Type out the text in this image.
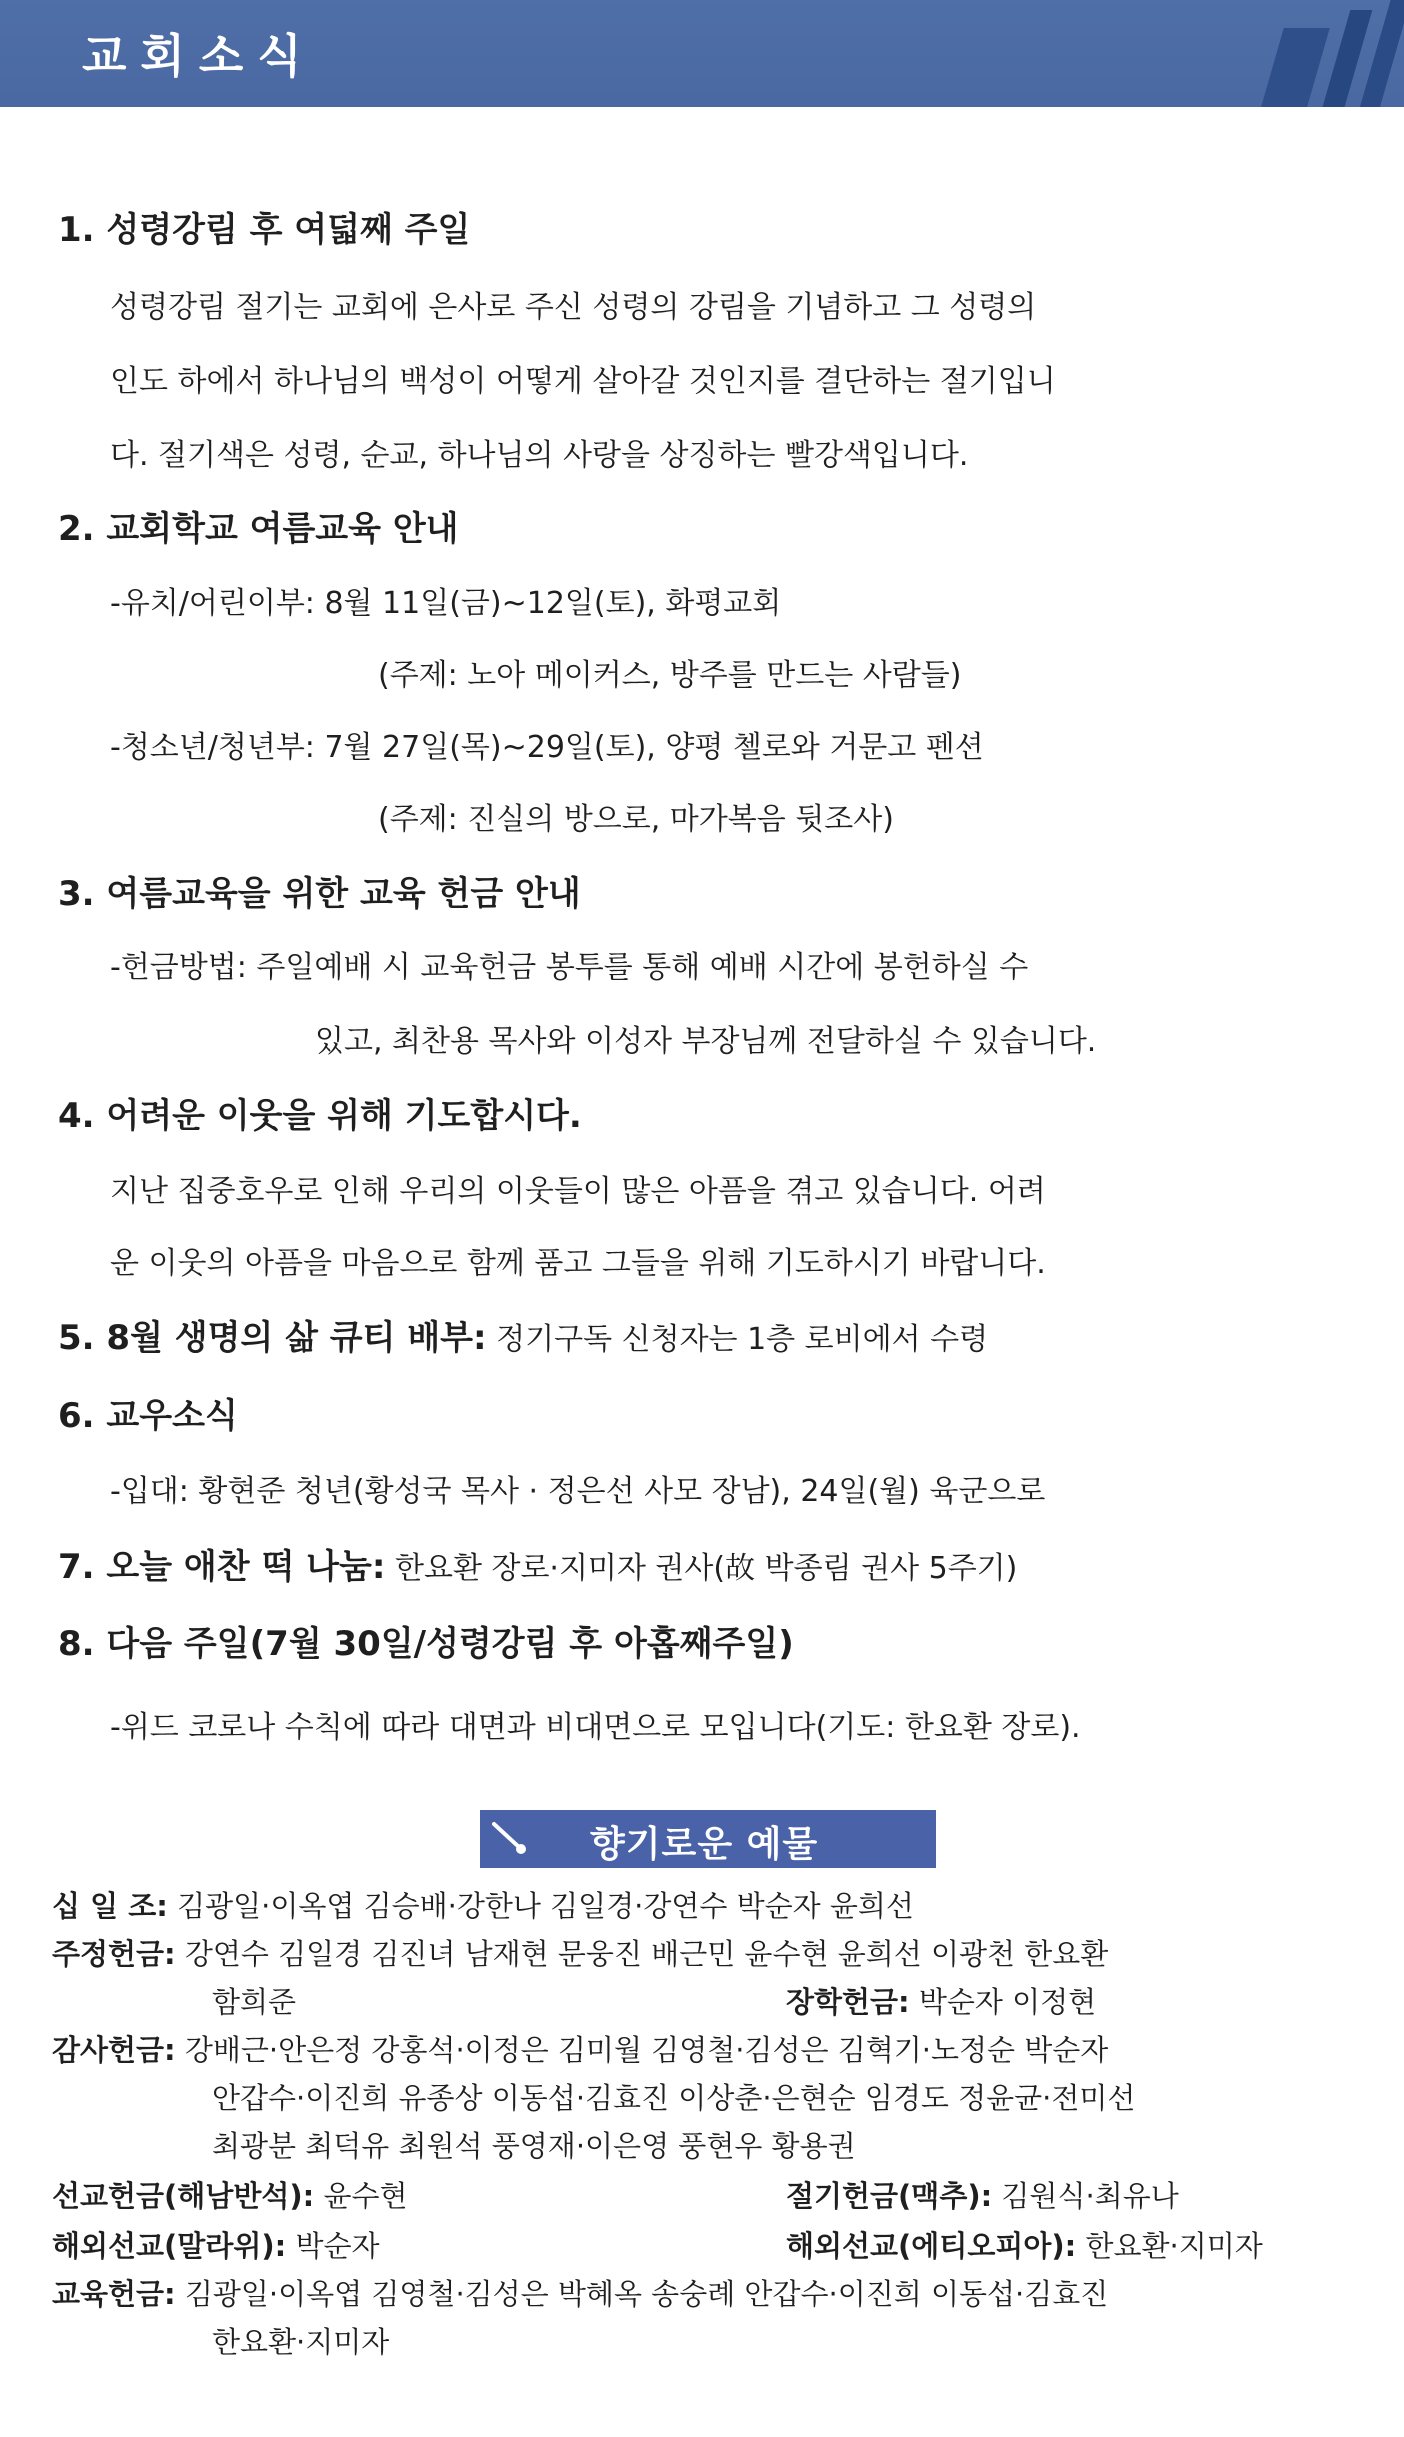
교회소식
1. 성령강림 후 여덟째 주일
성령강림 절기는 교회에 은사로 주신 성령의 강림을 기념하고 그 성령의
인도 하에서 하나님의 백성이 어떻게 살아갈 것인지를 결단하는 절기입니
다. 절기색은 성령, 순교, 하나님의 사랑을 상징하는 빨강색입니다.
2. 교회학교 여름교육 안내
-유치/어린이부: 8월 11일(금)~12일(토), 화평교회
(주제: 노아 메이커스, 방주를 만드는 사람들)
-청소년/청년부: 7월 27일(목)~29일(토), 양평 첼로와 거문고 펜션
(주제: 진실의 방으로, 마가복음 뒷조사)
3. 여름교육을 위한 교육 헌금 안내
-헌금방법: 주일예배 시 교육헌금 봉투를 통해 예배 시간에 봉헌하실 수
있고, 최찬용 목사와 이성자 부장님께 전달하실 수 있습니다.
4. 어려운 이웃을 위해 기도합시다.
지난 집중호우로 인해 우리의 이웃들이 많은 아픔을 겪고 있습니다. 어려
운 이웃의 아픔을 마음으로 함께 품고 그들을 위해 기도하시기 바랍니다.
5. 8월 생명의 삶 큐티 배부: 정기구독 신청자는 1층 로비에서 수령
6. 교우소식
-입대: 황현준 청년(황성국 목사 · 정은선 사모 장남), 24일(월) 육군으로
7. 오늘 애찬 떡 나눔: 한요환 장로·지미자 권사(故 박종림 권사 5주기)
8. 다음 주일(7월 30일/성령강림 후 아홉째주일)
-위드 코로나 수칙에 따라 대면과 비대면으로 모입니다(기도: 한요환 장로).
향기로운 예물
십 일 조: 김광일·이옥엽 김승배·강한나 김일경·강연수 박순자 윤희선
주정헌금: 강연수 김일경 김진녀 남재현 문웅진 배근민 윤수현 윤희선 이광천 한요환
함희준	장학헌금: 박순자 이정현
감사헌금: 강배근·안은정 강홍석·이정은 김미월 김영철·김성은 김혁기·노정순 박순자
안갑수·이진희 유종상 이동섭·김효진 이상춘·은현순 임경도 정윤균·전미선
최광분 최덕유 최원석 풍영재·이은영 풍현우 황용권
선교헌금(해남반석): 윤수현	절기헌금(맥추): 김원식·최유나
해외선교(말라위): 박순자	해외선교(에티오피아): 한요환·지미자
교육헌금: 김광일·이옥엽 김영철·김성은 박혜옥 송숭례 안갑수·이진희 이동섭·김효진
한요환·지미자
